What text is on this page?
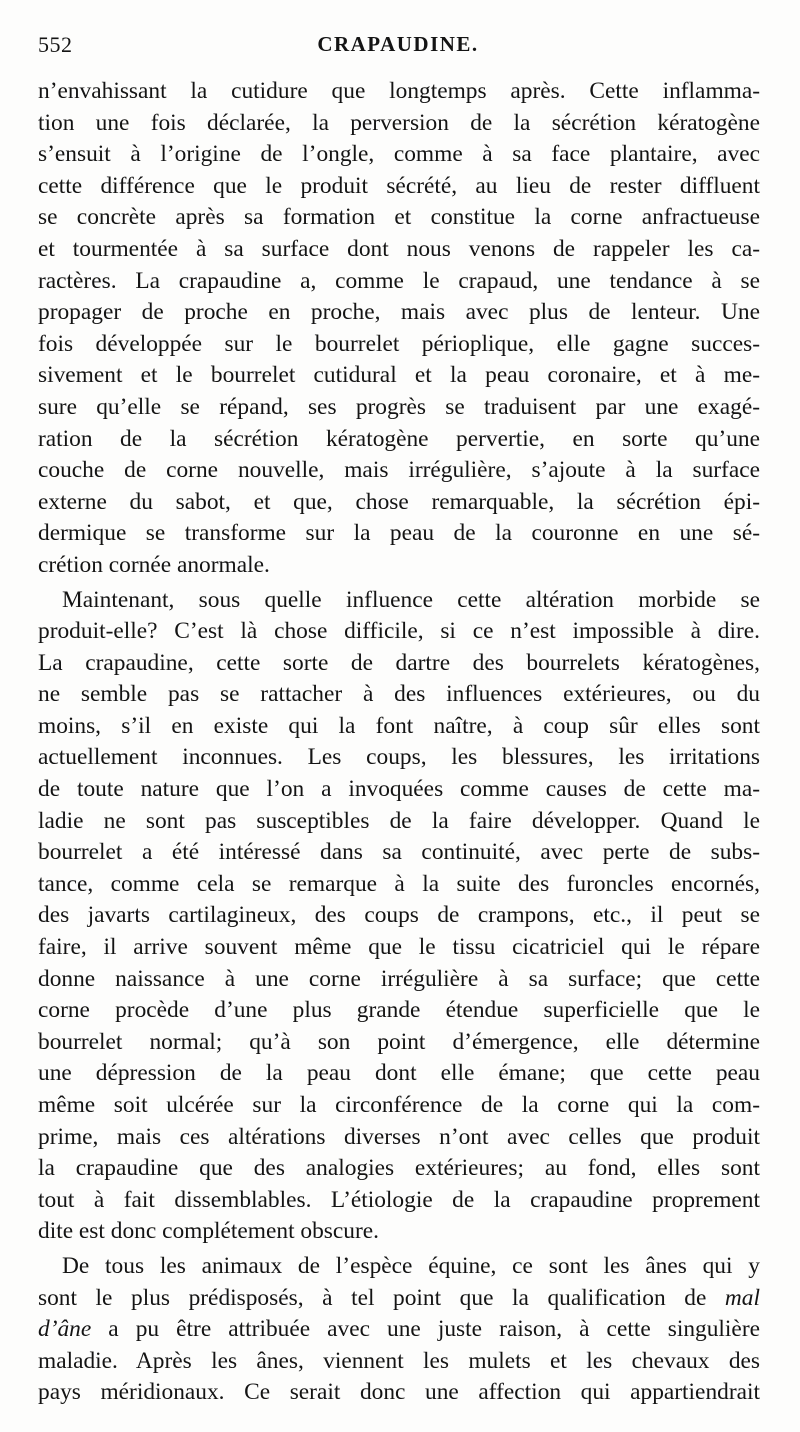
552	CRAPAUDINE.
n’envahissant la cutidure que longtemps après. Cette inflamma-
tion une fois déclarée, la perversion de la sécrétion kératogène
s’ensuit à l’origine de l’ongle, comme à sa face plantaire, avec
cette différence que le produit sécrété, au lieu de rester diffluent
se concrète après sa formation et constitue la corne anfractueuse
et tourmentée à sa surface dont nous venons de rappeler les ca-
ractères. La crapaudine a, comme le crapaud, une tendance à se
propager de proche en proche, mais avec plus de lenteur. Une
fois développée sur le bourrelet périoplique, elle gagne succes-
sivement et le bourrelet cutidural et la peau coronaire, et à me-
sure qu’elle se répand, ses progrès se traduisent par une exagé-
ration de la sécrétion kératogène pervertie, en sorte qu’une
couche de corne nouvelle, mais irrégulière, s’ajoute à la surface
externe du sabot, et que, chose remarquable, la sécrétion épi-
dermique se transforme sur la peau de la couronne en une sé-
crétion cornée anormale.
Maintenant, sous quelle influence cette altération morbide se
produit-elle? C’est là chose difficile, si ce n’est impossible à dire.
La crapaudine, cette sorte de dartre des bourrelets kératogènes,
ne semble pas se rattacher à des influences extérieures, ou du
moins, s’il en existe qui la font naître, à coup sûr elles sont
actuellement inconnues. Les coups, les blessures, les irritations
de toute nature que l’on a invoquées comme causes de cette ma-
ladie ne sont pas susceptibles de la faire développer. Quand le
bourrelet a été intéressé dans sa continuité, avec perte de subs-
tance, comme cela se remarque à la suite des furoncles encornés,
des javarts cartilagineux, des coups de crampons, etc., il peut se
faire, il arrive souvent même que le tissu cicatriciel qui le répare
donne naissance à une corne irrégulière à sa surface; que cette
corne procède d’une plus grande étendue superficielle que le
bourrelet normal; qu’à son point d’émergence, elle détermine
une dépression de la peau dont elle émane; que cette peau
même soit ulcérée sur la circonférence de la corne qui la com-
prime, mais ces altérations diverses n’ont avec celles que produit
la crapaudine que des analogies extérieures; au fond, elles sont
tout à fait dissemblables. L’étiologie de la crapaudine proprement
dite est donc complétement obscure.
De tous les animaux de l’espèce équine, ce sont les ânes qui y
sont le plus prédisposés, à tel point que la qualification de mal
d’âne a pu être attribuée avec une juste raison, à cette singulière
maladie. Après les ânes, viennent les mulets et les chevaux des
pays méridionaux. Ce serait donc une affection qui appartiendrait
